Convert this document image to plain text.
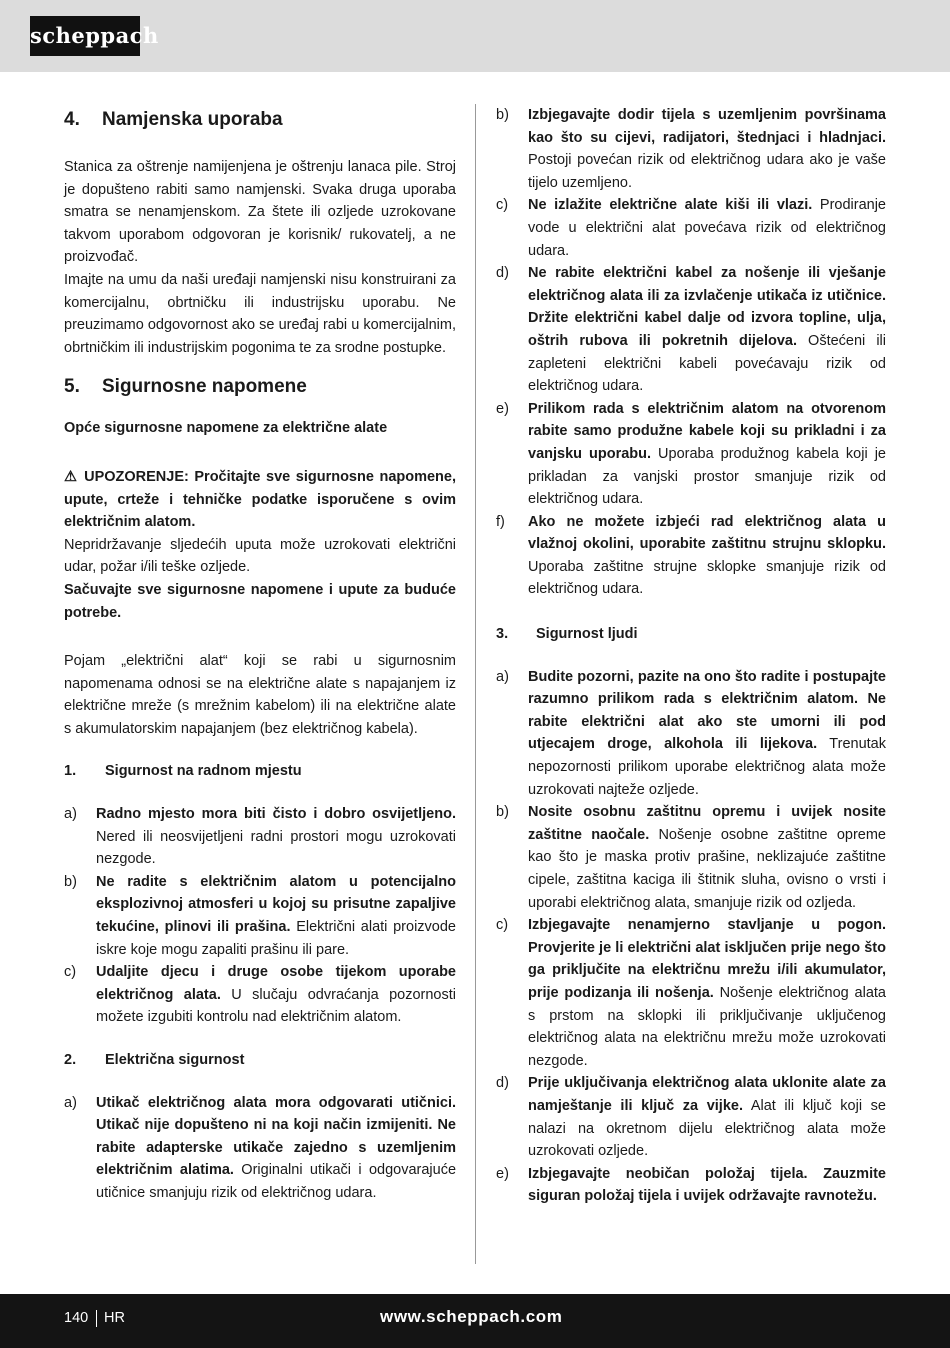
scheppach
4. Namjenska uporaba

Stanica za oštrenje namijenjena je oštrenju lanaca pile. Stroj je dopušteno rabiti samo namjenski. Svaka druga uporaba smatra se nenamjenskom. Za štete ili ozljede uzrokovane takvom uporabom odgovoran je korisnik/ rukovatelj, a ne proizvođač.

Imajte na umu da naši uređaji namjenski nisu konstruirani za komercijalnu, obrtničku ili industrijsku uporabu. Ne preuzimamo odgovornost ako se uređaj rabi u komercijalnim, obrtničkim ili industrijskim pogonima te za srodne postupke.

5. Sigurnosne napomene

Opće sigurnosne napomene za električne alate

⚠ UPOZORENJE: Pročitajte sve sigurnosne napomene, upute, crteže i tehničke podatke isporučene s ovim električnim alatom.

Nepridržavanje sljedećih uputa može uzrokovati električni udar, požar i/ili teške ozljede.

Sačuvajte sve sigurnosne napomene i upute za buduće potrebe.

Pojam „električni alat“ koji se rabi u sigurnosnim napomenama odnosi se na električne alate s napajanjem iz električne mreže (s mrežnim kabelom) ili na električne alate s akumulatorskim napajanjem (bez električnog kabela).

1. Sigurnost na radnom mjestu

a)	Radno mjesto mora biti čisto i dobro osvijetljeno. Nered ili neosvijetljeni radni prostori mogu uzrokovati nezgode.
b)	Ne radite s električnim alatom u potencijalno eksplozivnoj atmosferi u kojoj su prisutne zapaljive tekućine, plinovi ili prašina. Električni alati proizvode iskre koje mogu zapaliti prašinu ili pare.
c)	Udaljite djecu i druge osobe tijekom uporabe električnog alata. U slučaju odvraćanja pozornosti možete izgubiti kontrolu nad električnim alatom.

2. Električna sigurnost

a)	Utikač električnog alata mora odgovarati utičnici. Utikač nije dopušteno ni na koji način izmijeniti. Ne rabite adapterske utikače zajedno s uzemljenim električnim alatima. Originalni utikači i odgovarajuće utičnice smanjuju rizik od električnog udara.
b)	Izbjegavajte dodir tijela s uzemljenim površinama kao što su cijevi, radijatori, štednjaci i hladnjaci. Postoji povećan rizik od električnog udara ako je vaše tijelo uzemljeno.
c)	Ne izlažite električne alate kiši ili vlazi. Prodiranje vode u električni alat povećava rizik od električnog udara.
d)	Ne rabite električni kabel za nošenje ili vješanje električnog alata ili za izvlačenje utikača iz utičnice. Držite električni kabel dalje od izvora topline, ulja, oštrih rubova ili pokretnih dijelova. Oštećeni ili zapleteni električni kabeli povećavaju rizik od električnog udara.
e)	Prilikom rada s električnim alatom na otvorenom rabite samo produžne kabele koji su prikladni i za vanjsku uporabu. Uporaba produžnog kabela koji je prikladan za vanjski prostor smanjuje rizik od električnog udara.
f)	Ako ne možete izbjeći rad električnog alata u vlažnoj okolini, uporabite zaštitnu strujnu sklopku. Uporaba zaštitne strujne sklopke smanjuje rizik od električnog udara.

3. Sigurnost ljudi

a)	Budite pozorni, pazite na ono što radite i postupajte razumno prilikom rada s električnim alatom. Ne rabite električni alat ako ste umorni ili pod utjecajem droge, alkohola ili lijekova. Trenutak nepozornosti prilikom uporabe električnog alata može uzrokovati najteže ozljede.
b)	Nosite osobnu zaštitnu opremu i uvijek nosite zaštitne naočale. Nošenje osobne zaštitne opreme kao što je maska protiv prašine, neklizajuće zaštitne cipele, zaštitna kaciga ili štitnik sluha, ovisno o vrsti i uporabi električnog alata, smanjuje rizik od ozljeda.
c)	Izbjegavajte nenamjerno stavljanje u pogon. Provjerite je li električni alat isključen prije nego što ga priključite na električnu mrežu i/ili akumulator, prije podizanja ili nošenja. Nošenje električnog alata s prstom na sklopki ili priključivanje uključenog električnog alata na električnu mrežu može uzrokovati nezgode.
d)	Prije uključivanja električnog alata uklonite alate za namještanje ili ključ za vijke. Alat ili ključ koji se nalazi na okretnom dijelu električnog alata može uzrokovati ozljede.
e)	Izbjegavajte neobičan položaj tijela. Zauzmite siguran položaj tijela i uvijek održavajte ravnotežu.
140 HR	www.scheppach.com
